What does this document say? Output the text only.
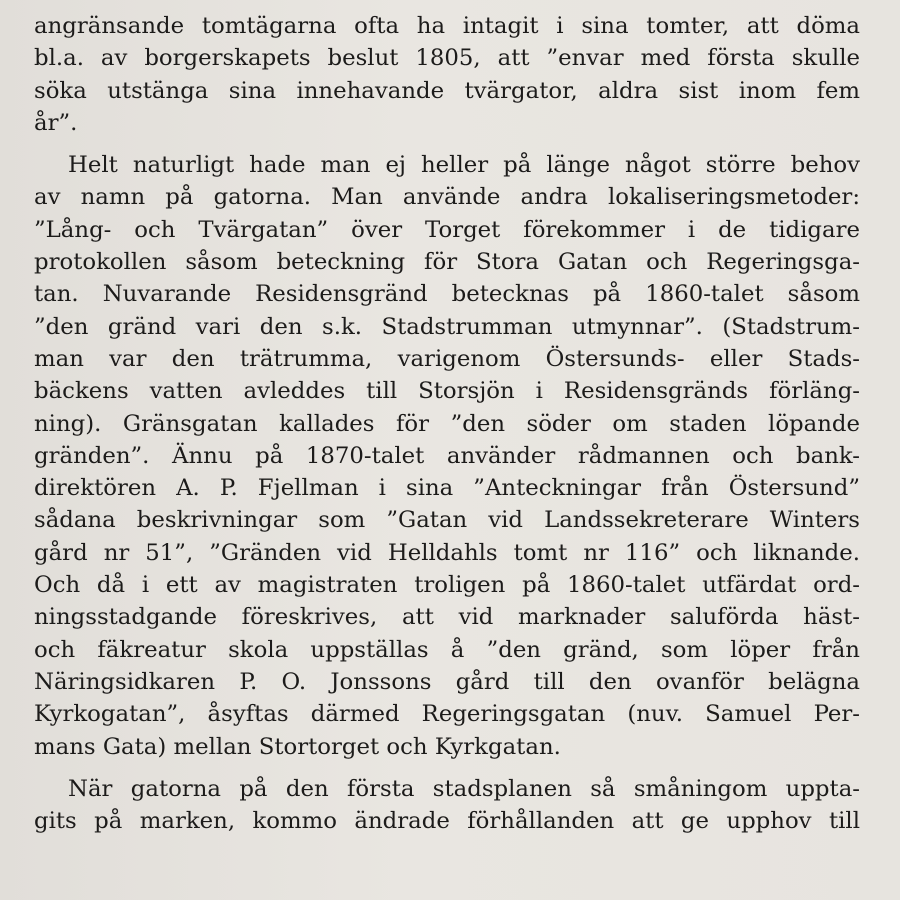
angränsande tomtägarna ofta ha intagit i sina tomter, att döma
bl.a. av borgerskapets beslut 1805, att ”envar med första skulle
söka utstänga sina innehavande tvärgator, aldra sist inom fem
år”.
Helt naturligt hade man ej heller på länge något större behov
av namn på gatorna. Man använde andra lokaliseringsmetoder:
”Lång- och Tvärgatan” över Torget förekommer i de tidigare
protokollen såsom beteckning för Stora Gatan och Regeringsga-
tan. Nuvarande Residensgränd betecknas på 1860-talet såsom
”den gränd vari den s.k. Stadstrumman utmynnar”. (Stadstrum-
man var den trätrumma, varigenom Östersunds- eller Stads-
bäckens vatten avleddes till Storsjön i Residensgränds förläng-
ning). Gränsgatan kallades för ”den söder om staden löpande
gränden”. Ännu på 1870-talet använder rådmannen och bank-
direktören A. P. Fjellman i sina ”Anteckningar från Östersund”
sådana beskrivningar som ”Gatan vid Landssekreterare Winters
gård nr 51”, ”Gränden vid Helldahls tomt nr 116” och liknande.
Och då i ett av magistraten troligen på 1860-talet utfärdat ord-
ningsstadgande föreskrives, att vid marknader saluförda häst-
och fäkreatur skola uppställas å ”den gränd, som löper från
Näringsidkaren P. O. Jonssons gård till den ovanför belägna
Kyrkogatan”, åsyftas därmed Regeringsgatan (nuv. Samuel Per-
mans Gata) mellan Stortorget och Kyrkgatan.
När gatorna på den första stadsplanen så småningom uppta-
gits på marken, kommo ändrade förhållanden att ge upphov till
